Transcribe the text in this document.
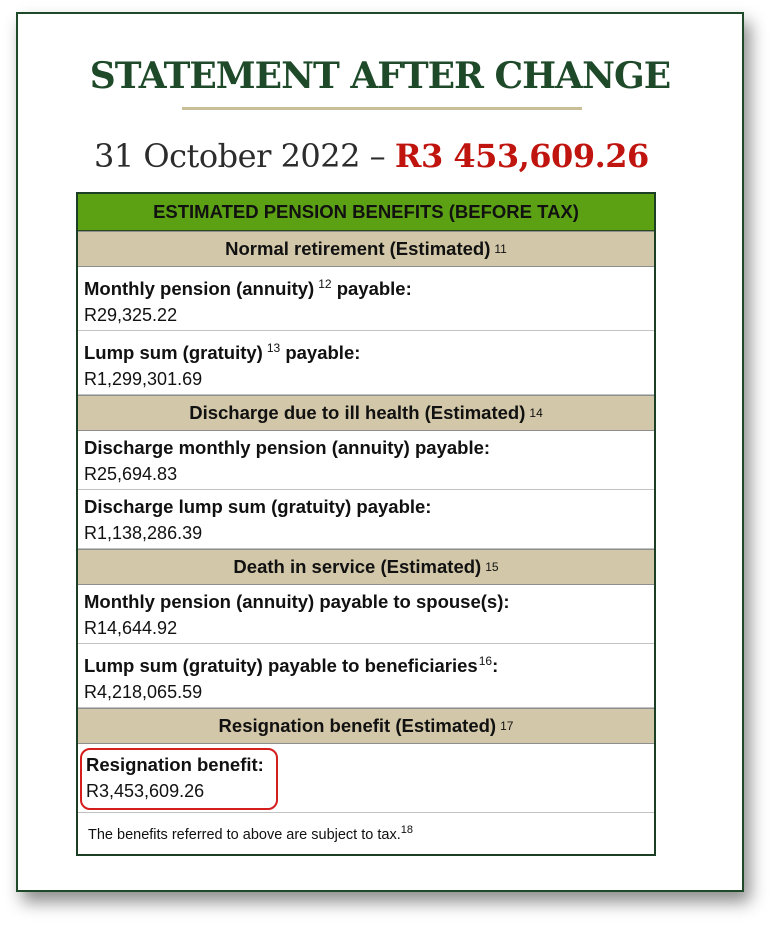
STATEMENT AFTER CHANGE

31 October 2022 – R3 453,609.26

ESTIMATED PENSION BENEFITS (BEFORE TAX)
Normal retirement (Estimated) 11
Monthly pension (annuity) $^{12}$ payable:
R29,325.22
Lump sum (gratuity) $^{13}$ payable:
R1,299,301.69
Discharge due to ill health (Estimated) 14
Discharge monthly pension (annuity) payable:
R25,694.83
Discharge lump sum (gratuity) payable:
R1,138,286.39
Death in service (Estimated) 15
Monthly pension (annuity) payable to spouse(s):
R14,644.92
Lump sum (gratuity) payable to beneficiaries$^{16}$:
R4,218,065.59
Resignation benefit (Estimated) 17
Resignation benefit:
R3,453,609.26
The benefits referred to above are subject to tax.$^{18}$
